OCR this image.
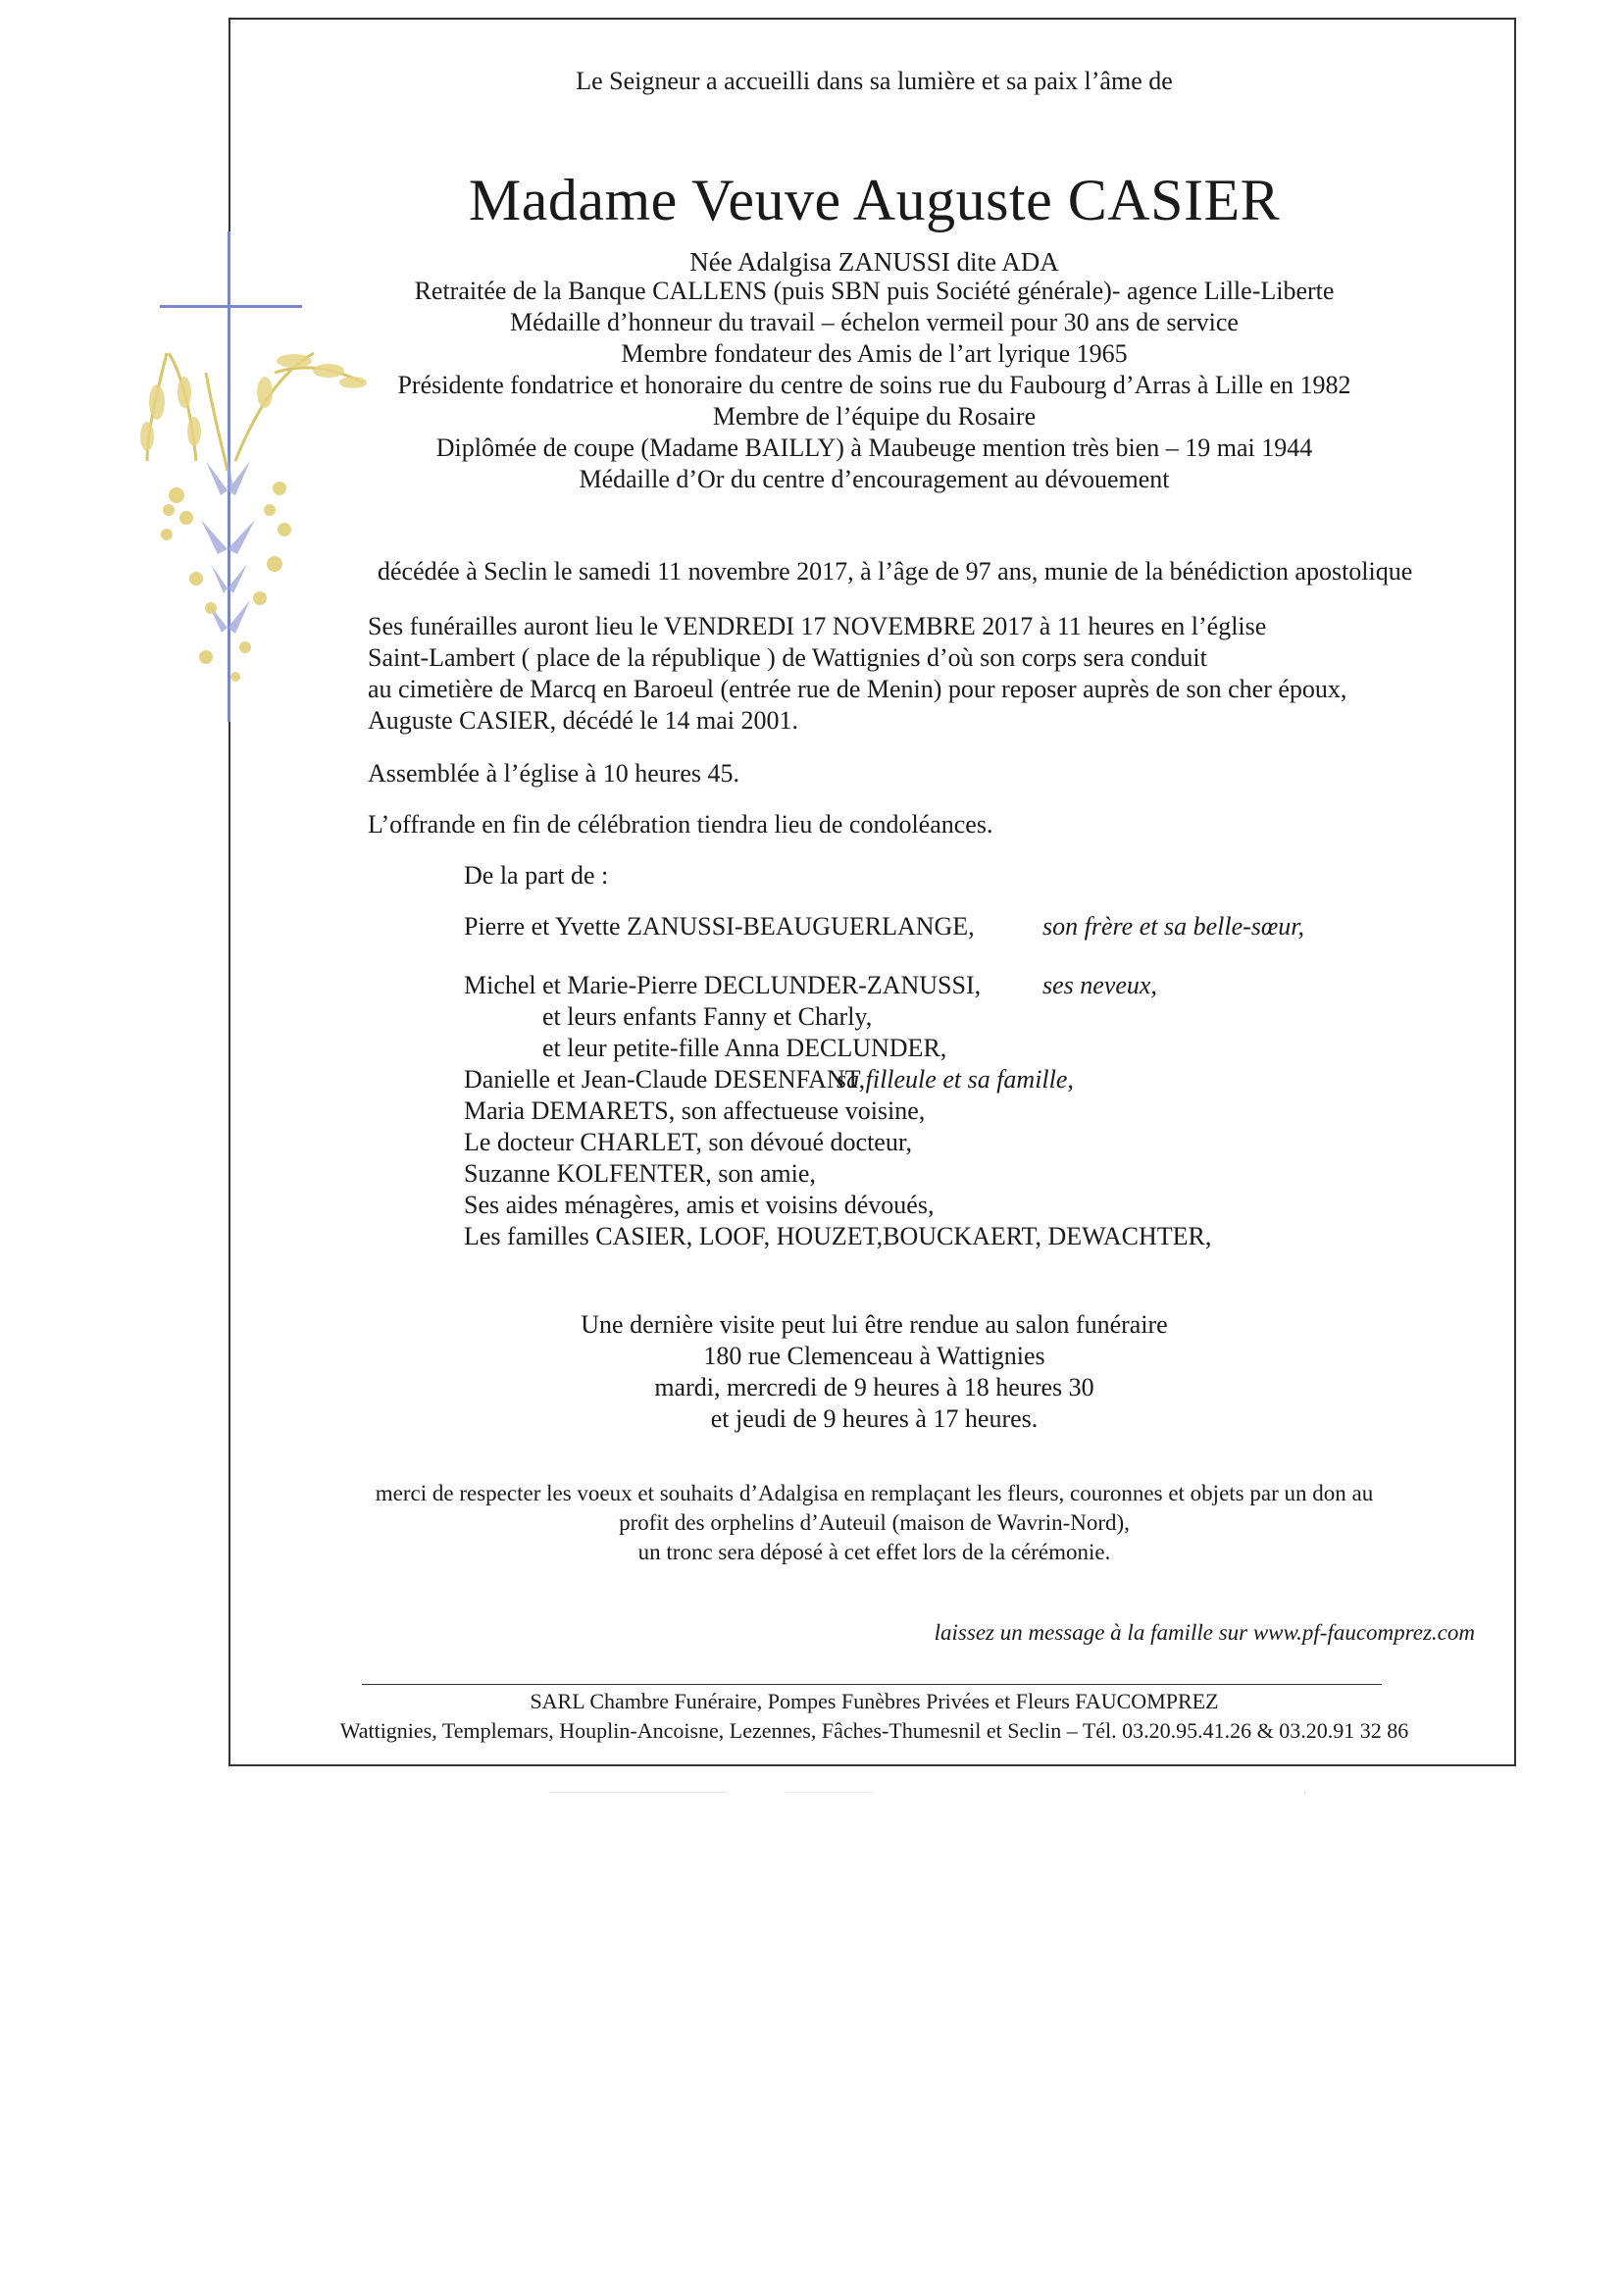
Le Seigneur a accueilli dans sa lumière et sa paix l’âme de
Madame Veuve Auguste CASIER
Née Adalgisa ZANUSSI dite ADA
Retraitée de la Banque CALLENS (puis SBN puis Société générale)- agence Lille-Liberte
Médaille d’honneur du travail – échelon vermeil pour 30 ans de service
Membre fondateur des Amis de l’art lyrique 1965
Présidente fondatrice et honoraire du centre de soins rue du Faubourg d’Arras à Lille en 1982
Membre de l’équipe du Rosaire
Diplômée de coupe (Madame BAILLY) à Maubeuge mention très bien – 19 mai 1944
Médaille d’Or du centre d’encouragement au dévouement
décédée à Seclin le samedi 11 novembre 2017, à l’âge de 97 ans, munie de la bénédiction apostolique
Ses funérailles auront lieu le VENDREDI 17 NOVEMBRE 2017 à 11 heures en l’église
Saint-Lambert ( place de la république ) de Wattignies d’où son corps sera conduit
au cimetière de Marcq en Baroeul (entrée rue de Menin) pour reposer auprès de son cher époux,
Auguste CASIER, décédé le 14 mai 2001.
Assemblée à l’église à 10 heures 45.
L’offrande en fin de célébration tiendra lieu de condoléances.
De la part de :
Pierre et Yvette ZANUSSI-BEAUGUERLANGE,	son frère et sa belle-sœur,
Michel et Marie-Pierre DECLUNDER-ZANUSSI, ses neveux,
et leurs enfants Fanny et Charly,
et leur petite-fille Anna DECLUNDER,
Danielle et Jean-Claude DESENFANT,
sa filleule et sa famille,
Maria DEMARETS, son affectueuse voisine,
Le docteur CHARLET, son dévoué docteur,
Suzanne KOLFENTER, son amie,
Ses aides ménagères, amis et voisins dévoués,
Les familles CASIER, LOOF, HOUZET,BOUCKAERT, DEWACHTER,
Une dernière visite peut lui être rendue au salon funéraire
180 rue Clemenceau à Wattignies
mardi, mercredi de 9 heures à 18 heures 30
et jeudi de 9 heures à 17 heures.
merci de respecter les voeux et souhaits d’Adalgisa en remplaçant les fleurs, couronnes et objets par un don au
profit des orphelins d’Auteuil (maison de Wavrin-Nord),
un tronc sera déposé à cet effet lors de la cérémonie.
laissez un message à la famille sur www.pf-faucomprez.com
SARL Chambre Funéraire, Pompes Funèbres Privées et Fleurs FAUCOMPREZ
Wattignies, Templemars, Houplin-Ancoisne, Lezennes, Fâches-Thumesnil et Seclin – Tél. 03.20.95.41.26 & 03.20.91 32 86
